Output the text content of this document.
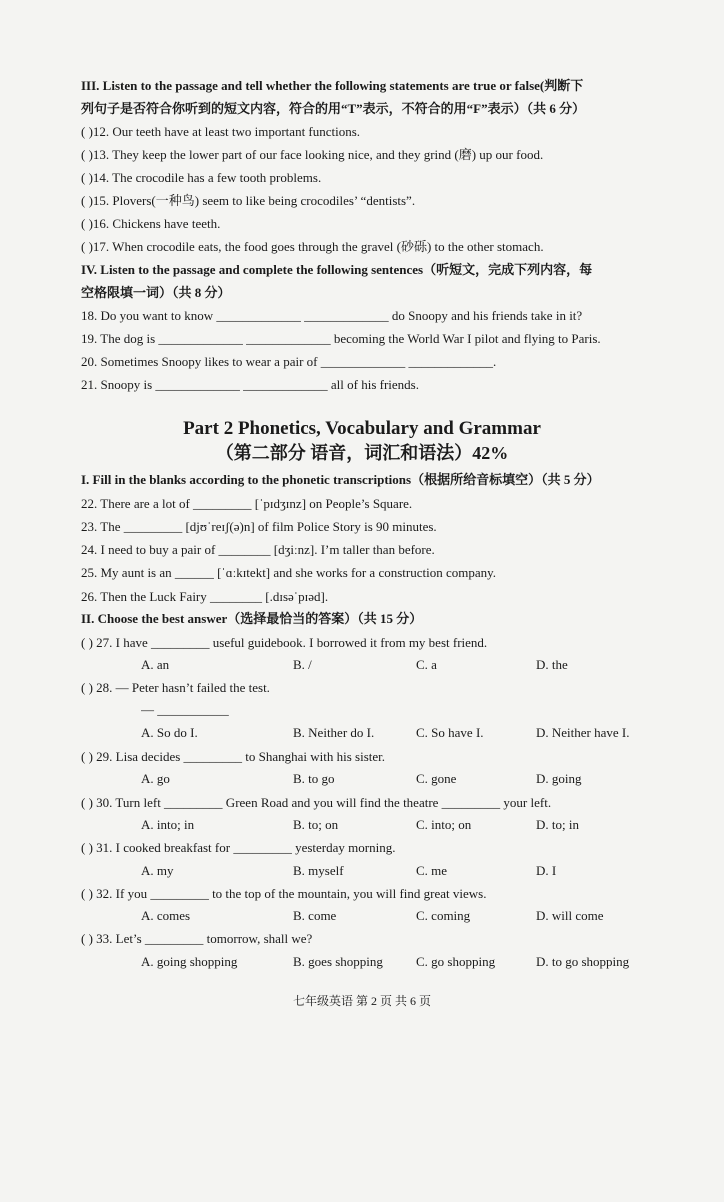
III. Listen to the passage and tell whether the following statements are true or false(判断下
列句子是否符合你听到的短文内容，符合的用“T”表示，不符合的用“F”表示）（共 6 分）
( )12. Our teeth have at least two important functions.
( )13. They keep the lower part of our face looking nice, and they grind (磨) up our food.
( )14. The crocodile has a few tooth problems.
( )15. Plovers(一种鸟) seem to like being crocodiles’ “dentists”.
( )16. Chickens have teeth.
( )17. When crocodile eats, the food goes through the gravel (砂砾) to the other stomach.
IV. Listen to the passage and complete the following sentences（听短文，完成下列内容，每
空格限填一词）（共 8 分）
18. Do you want to know _____________ _____________ do Snoopy and his friends take in it?
19. The dog is _____________ _____________ becoming the World War I pilot and flying to Paris.
20. Sometimes Snoopy likes to wear a pair of _____________ _____________.
21. Snoopy is _____________ _____________ all of his friends.
Part 2 Phonetics, Vocabulary and Grammar
（第二部分 语音，词汇和语法）42%
I. Fill in the blanks according to the phonetic transcriptions（根据所给音标填空）（共 5 分）
22. There are a lot of _________ [ˈpɪdʒɪnz] on People’s Square.
23. The _________ [djʊˈreɪʃ(ə)n] of film Police Story is 90 minutes.
24. I need to buy a pair of ________ [dʒiːnz]. I’m taller than before.
25. My aunt is an ______ [ˈɑːkɪtekt] and she works for a construction company.
26. Then the Luck Fairy ________ [.dɪsəˈpɪəd].
II. Choose the best answer（选择最恰当的答案）（共 15 分）
( ) 27. I have _________ useful guidebook. I borrowed it from my best friend.
A. an	B. /	C. a	D. the
( ) 28. — Peter hasn’t failed the test.
— ___________
A. So do I.	B. Neither do I.	C. So have I.	D. Neither have I.
( ) 29. Lisa decides _________ to Shanghai with his sister.
A. go	B. to go	C. gone	D. going
( ) 30. Turn left _________ Green Road and you will find the theatre _________ your left.
A. into; in	B. to; on	C. into; on	D. to; in
( ) 31. I cooked breakfast for _________ yesterday morning.
A. my	B. myself	C. me	D. I
( ) 32. If you _________ to the top of the mountain, you will find great views.
A. comes	B. come	C. coming	D. will come
( ) 33. Let’s _________ tomorrow, shall we?
A. going shopping	B. goes shopping	C. go shopping	D. to go shopping
七年级英语 第 2 页 共 6 页
